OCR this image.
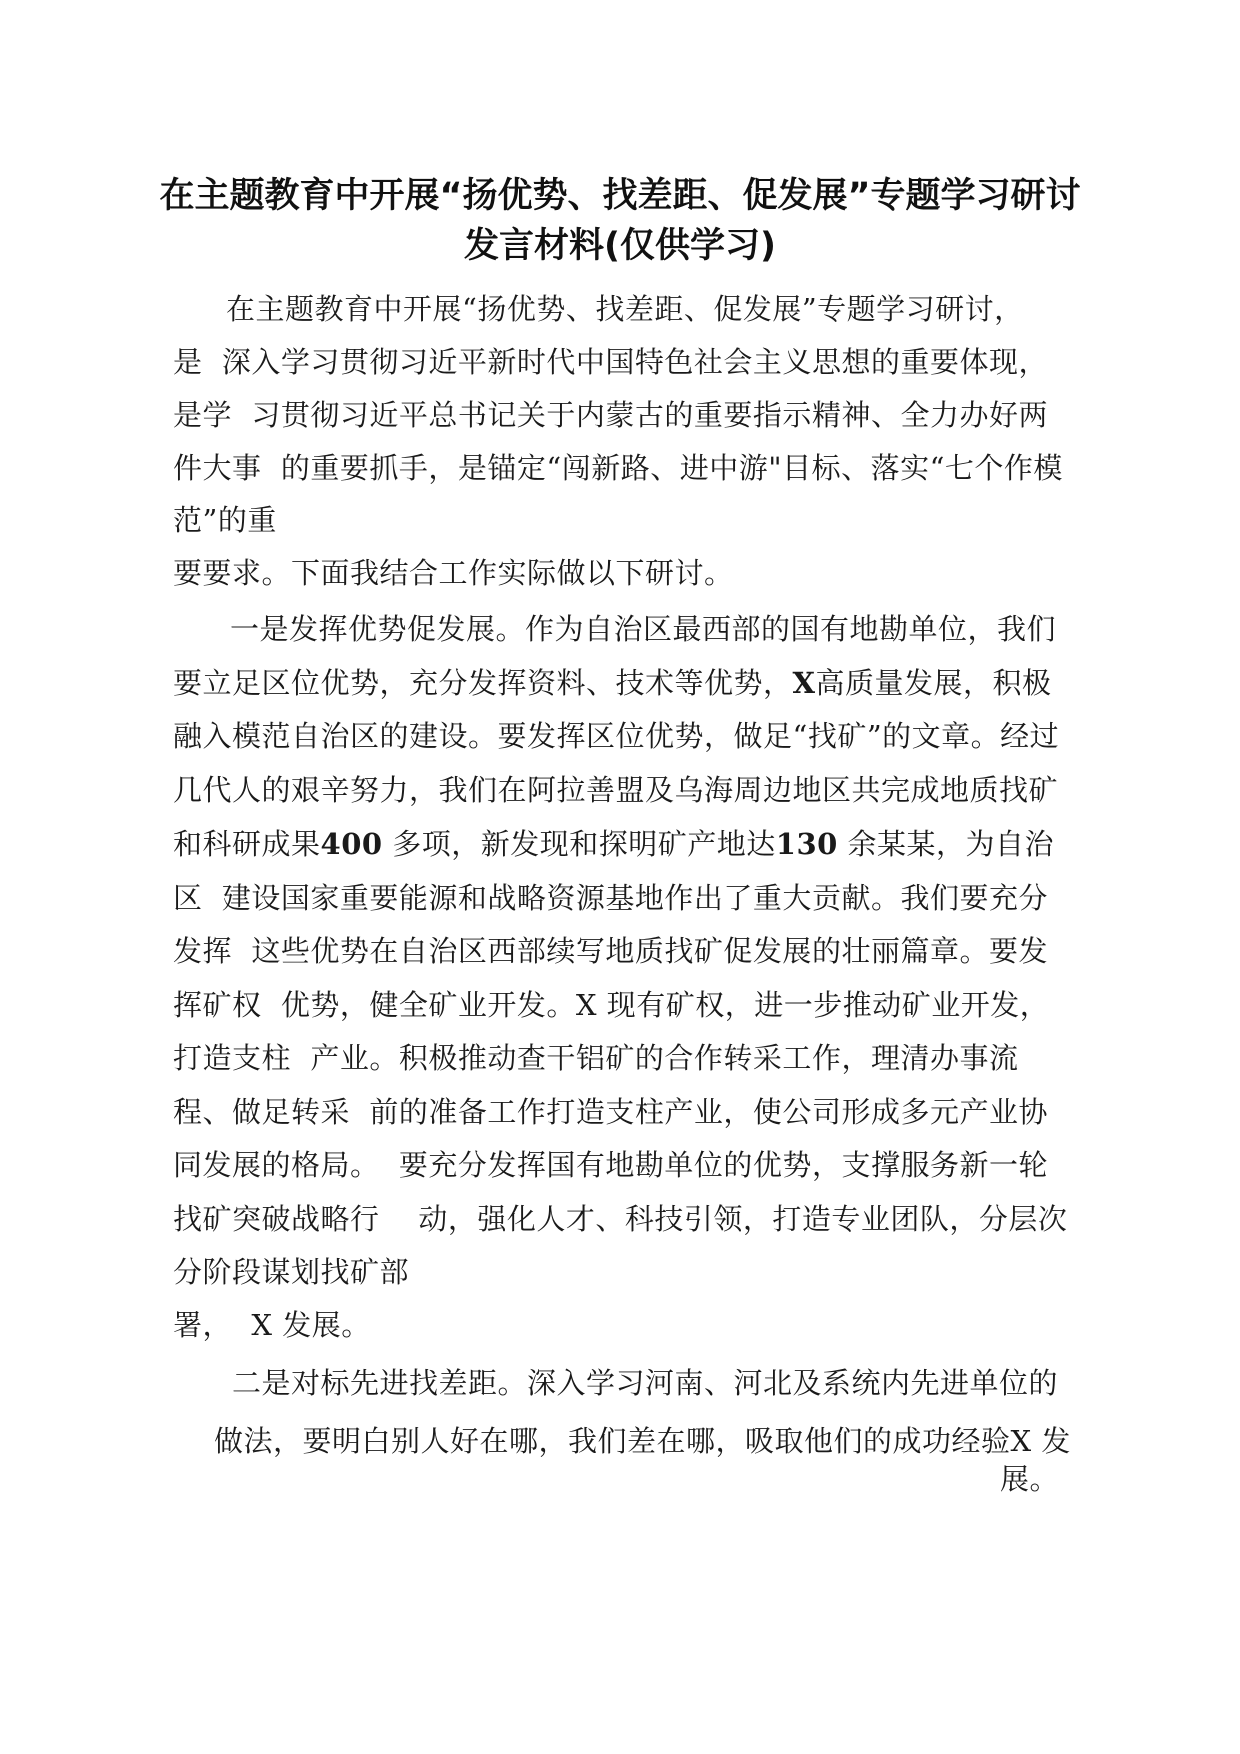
在主题教育中开展“扬优势、找差距、促发展”专题学习研讨
发言材料(仅供学习)
在主题教育中开展“扬优势、找差距、促发展”专题学习研讨，
是  深入学习贯彻习近平新时代中国特色社会主义思想的重要体现，
是学  习贯彻习近平总书记关于内蒙古的重要指示精神、全力办好两
件大事  的重要抓手，是锚定“闯新路、进中游"目标、落实“七个作模
范”的重
要要求。下面我结合工作实际做以下研讨。
一是发挥优势促发展。作为自治区最西部的国有地勘单位，我们
要立足区位优势，充分发挥资料、技术等优势，X高质量发展，积极
融入模范自治区的建设。要发挥区位优势，做足“找矿”的文章。经过
几代人的艰辛努力，我们在阿拉善盟及乌海周边地区共完成地质找矿
和科研成果400 多项，新发现和探明矿产地达130 余某某，为自治
区  建设国家重要能源和战略资源基地作出了重大贡献。我们要充分
发挥  这些优势在自治区西部续写地质找矿促发展的壮丽篇章。要发
挥矿权  优势，健全矿业开发。X 现有矿权，进一步推动矿业开发，
打造支柱  产业。积极推动查干铝矿的合作转采工作，理清办事流
程、做足转采  前的准备工作打造支柱产业，使公司形成多元产业协
同发展的格局。  要充分发挥国有地勘单位的优势，支撑服务新一轮
找矿突破战略行    动，强化人才、科技引领，打造专业团队，分层次
分阶段谋划找矿部
署，  X 发展。
二是对标先进找差距。深入学习河南、河北及系统内先进单位的
做法，要明白别人好在哪，我们差在哪，吸取他们的成功经验X 发
展。
